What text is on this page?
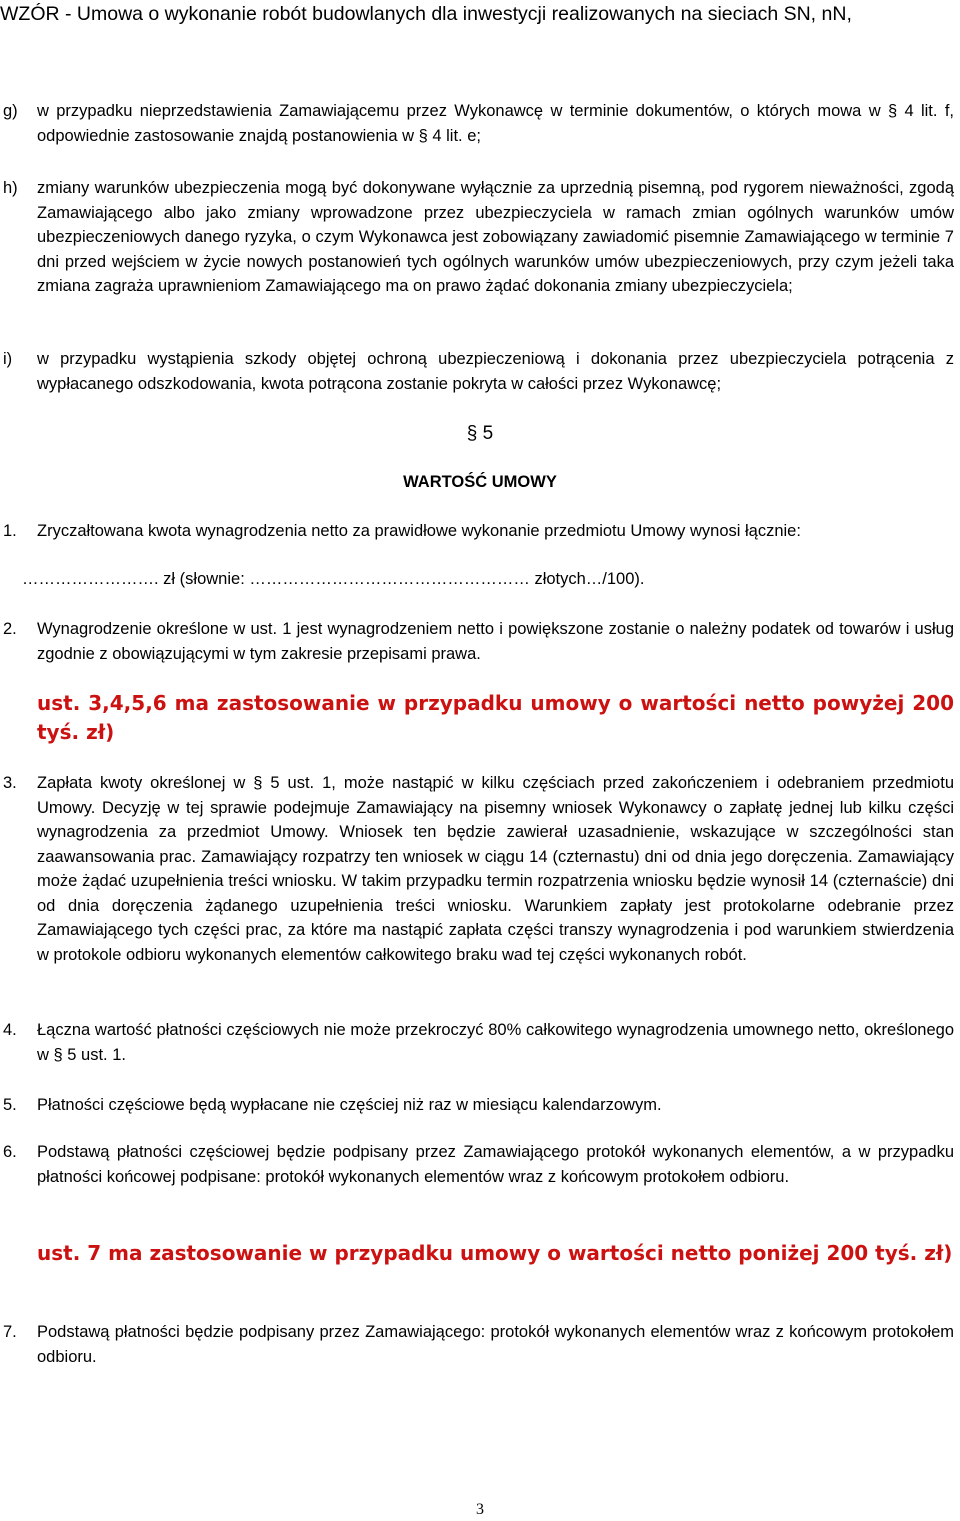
WZÓR - Umowa o wykonanie robót budowlanych dla inwestycji realizowanych na sieciach SN, nN,
g) w przypadku nieprzedstawienia Zamawiającemu przez Wykonawcę w terminie dokumentów, o których mowa w § 4 lit. f, odpowiednie zastosowanie znajdą postanowienia w § 4 lit. e;
h) zmiany warunków ubezpieczenia mogą być dokonywane wyłącznie za uprzednią pisemną, pod rygorem nieważności, zgodą Zamawiającego albo jako zmiany wprowadzone przez ubezpieczyciela w ramach zmian ogólnych warunków umów ubezpieczeniowych danego ryzyka, o czym Wykonawca jest zobowiązany zawiadomić pisemnie Zamawiającego w terminie 7 dni przed wejściem w życie nowych postanowień tych ogólnych warunków umów ubezpieczeniowych, przy czym jeżeli taka zmiana zagraża uprawnieniom Zamawiającego ma on prawo żądać dokonania zmiany ubezpieczyciela;
i) w przypadku wystąpienia szkody objętej ochroną ubezpieczeniową i dokonania przez ubezpieczyciela potrącenia z wypłacanego odszkodowania, kwota potrącona zostanie pokryta w całości przez Wykonawcę;
§ 5
WARTOŚĆ UMOWY
1. Zryczałtowana kwota wynagrodzenia netto za prawidłowe wykonanie przedmiotu Umowy wynosi łącznie:
……………………. zł (słownie: …………………………………………… złotych…/100).
2. Wynagrodzenie określone w ust. 1 jest wynagrodzeniem netto i powiększone zostanie o należny podatek od towarów i usług zgodnie z obowiązującymi w tym zakresie przepisami prawa.
ust. 3,4,5,6 ma zastosowanie w przypadku umowy o wartości netto powyżej 200 tyś. zł)
3. Zapłata kwoty określonej w § 5 ust. 1, może nastąpić w kilku częściach przed zakończeniem i odebraniem przedmiotu Umowy. Decyzję w tej sprawie podejmuje Zamawiający na pisemny wniosek Wykonawcy o zapłatę jednej lub kilku części wynagrodzenia za przedmiot Umowy. Wniosek ten będzie zawierał uzasadnienie, wskazujące w szczególności stan zaawansowania prac. Zamawiający rozpatrzy ten wniosek w ciągu 14 (czternastu) dni od dnia jego doręczenia. Zamawiający może żądać uzupełnienia treści wniosku. W takim przypadku termin rozpatrzenia wniosku będzie wynosił 14 (czternaście) dni od dnia doręczenia żądanego uzupełnienia treści wniosku. Warunkiem zapłaty jest protokolarne odebranie przez Zamawiającego tych części prac, za które ma nastąpić zapłata części transzy wynagrodzenia i pod warunkiem stwierdzenia w protokole odbioru wykonanych elementów całkowitego braku wad tej części wykonanych robót.
4. Łączna wartość płatności częściowych nie może przekroczyć 80% całkowitego wynagrodzenia umownego netto, określonego w § 5 ust. 1.
5. Płatności częściowe będą wypłacane nie częściej niż raz w miesiącu kalendarzowym.
6. Podstawą płatności częściowej będzie podpisany przez Zamawiającego protokół wykonanych elementów, a w przypadku płatności końcowej podpisane: protokół wykonanych elementów wraz z końcowym protokołem odbioru.
ust. 7 ma zastosowanie w przypadku umowy o wartości netto poniżej 200 tyś. zł)
7. Podstawą płatności będzie podpisany przez Zamawiającego: protokół wykonanych elementów wraz z końcowym protokołem odbioru.
3
